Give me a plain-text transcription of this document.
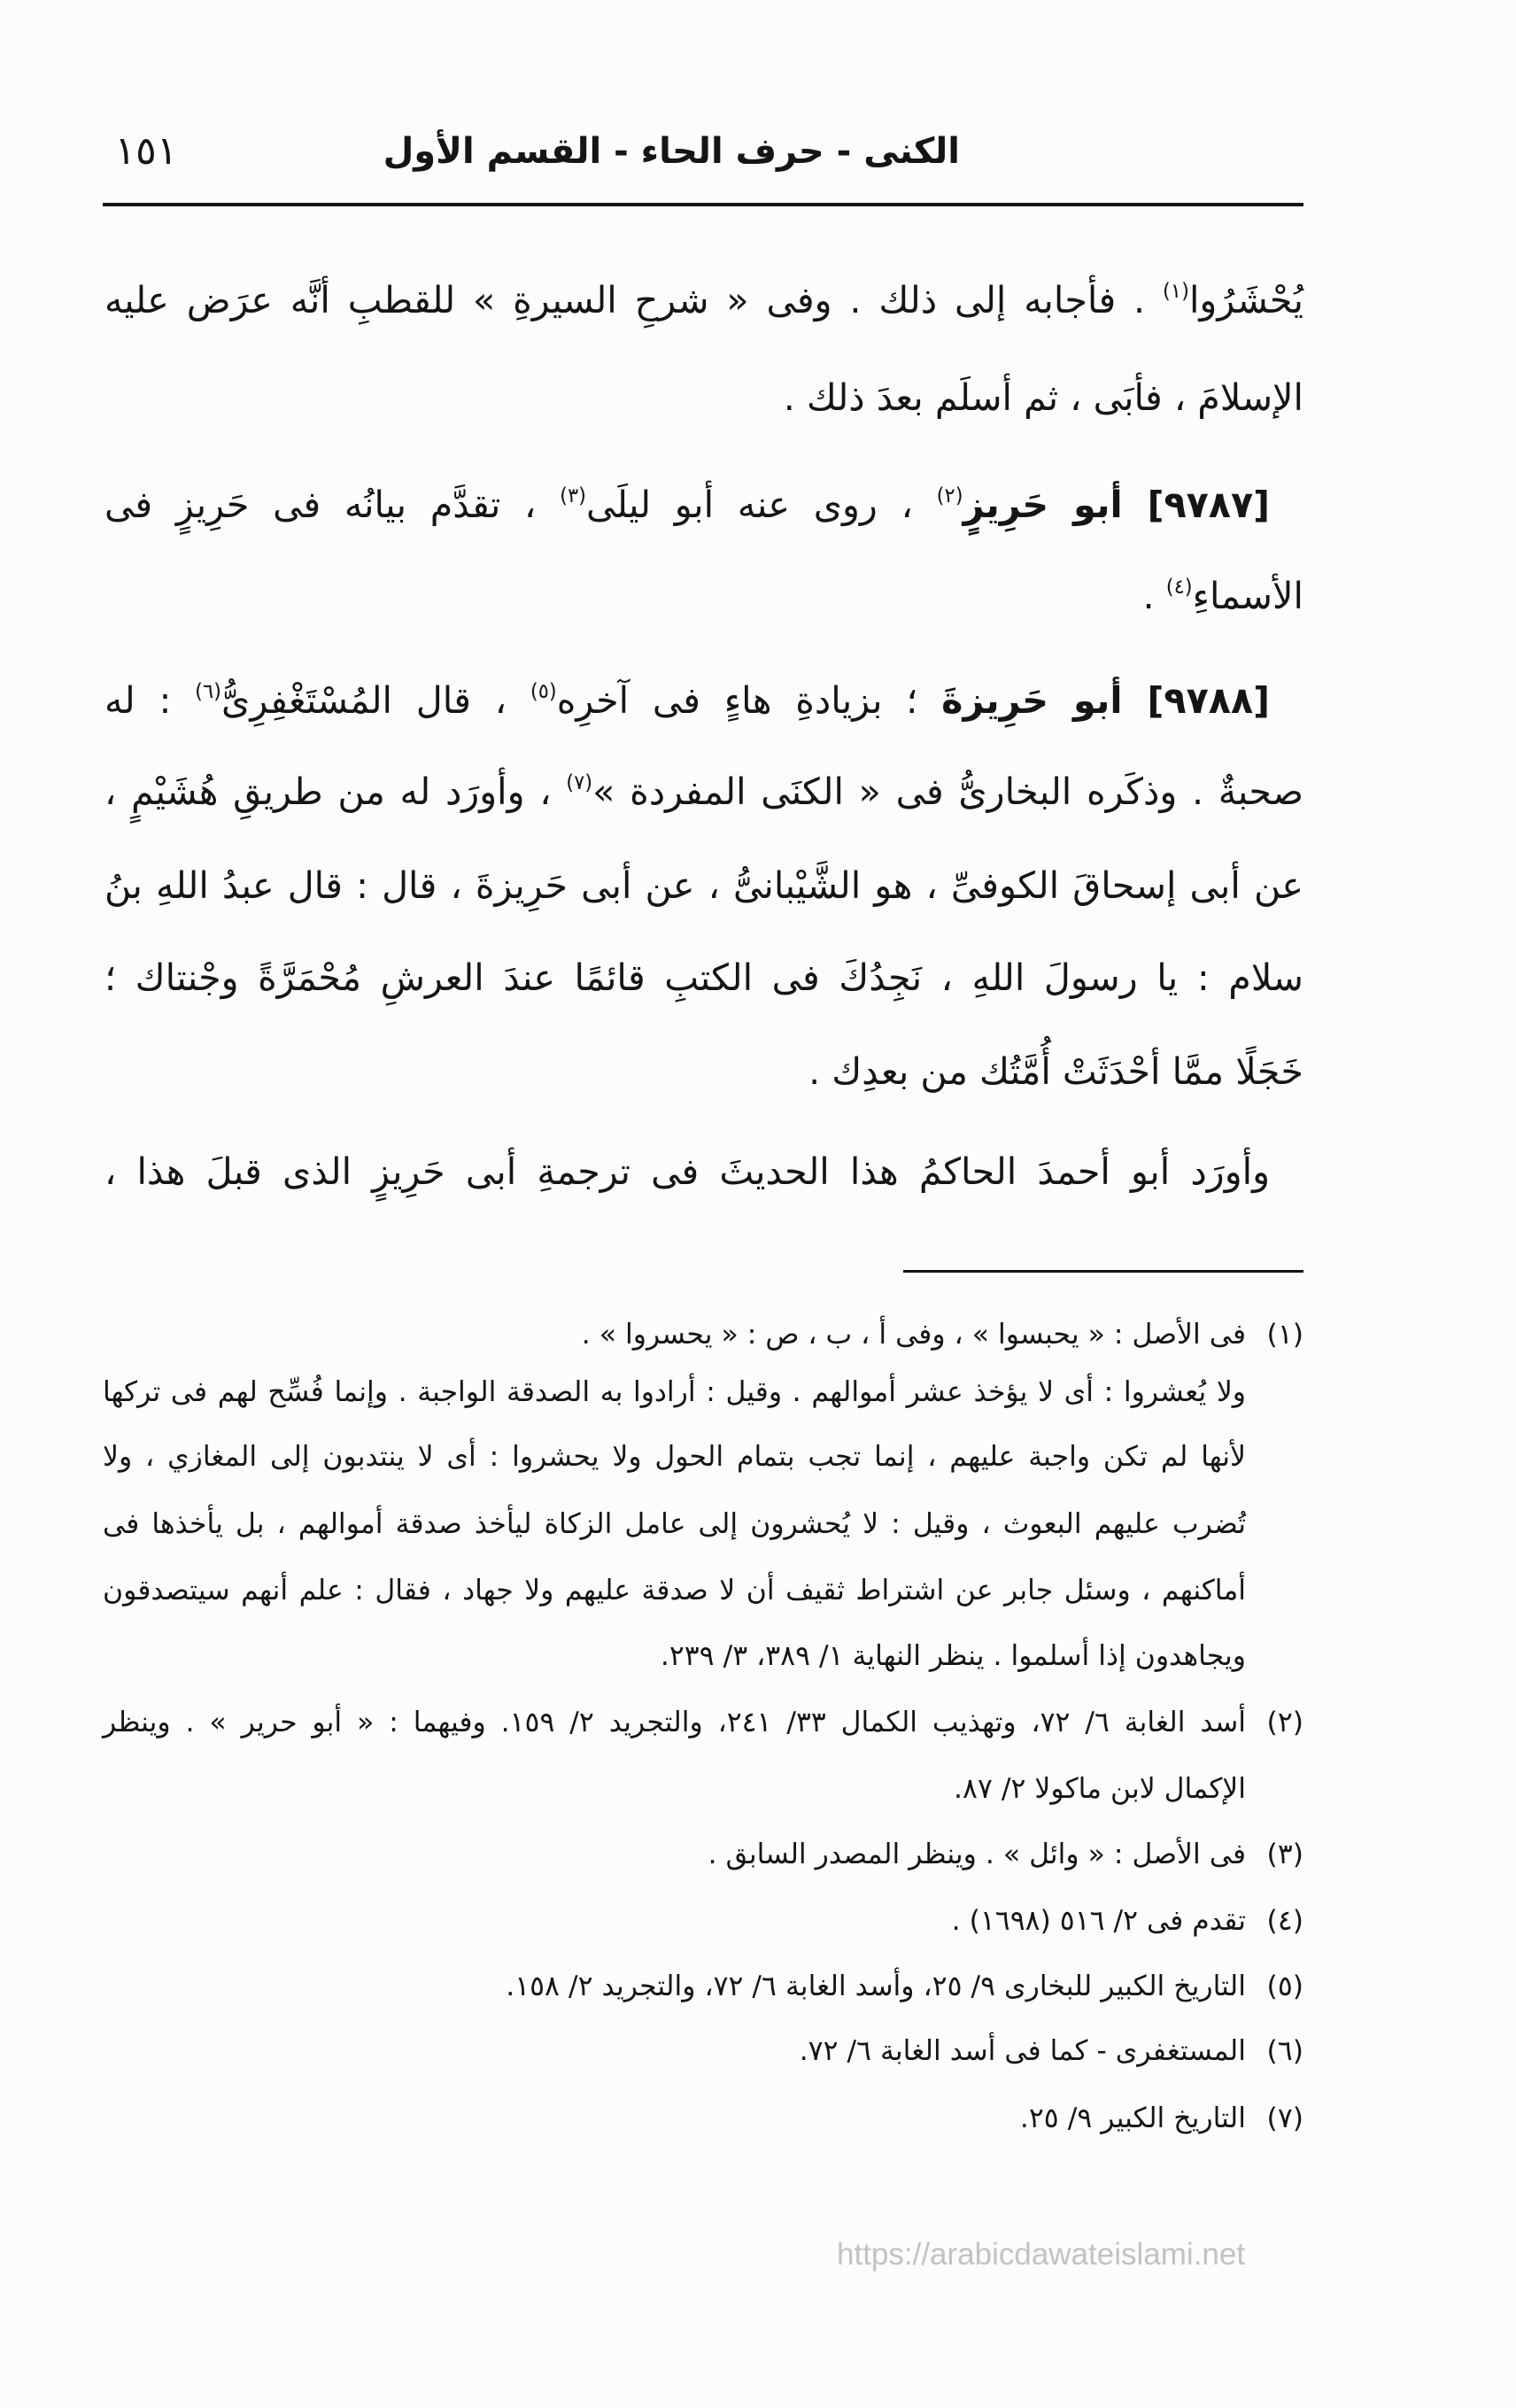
الكنى - حرف الحاء - القسم الأول
١٥١
يُحْشَرُوا$^{(١)}$ . فأجابه إلى ذلك . وفى « شرحِ السيرةِ » للقطبِ أنَّه عرَض عليه
الإسلامَ ، فأبَى ، ثم أسلَم بعدَ ذلك .
[٩٧٨٧] أبو حَرِيزٍ$^{(٢)}$ ، روى عنه أبو ليلَى$^{(٣)}$ ، تقدَّم بيانُه فى حَرِيزٍ فى
الأسماءِ$^{(٤)}$ .
[٩٧٨٨] أبو حَرِيزةَ ؛ بزيادةِ هاءٍ فى آخرِه$^{(٥)}$ ، قال المُسْتَغْفِرِىُّ$^{(٦)}$ : له
صحبةٌ . وذكَره البخارىُّ فى « الكنَى المفردة »$^{(٧)}$ ، وأورَد له من طريقِ هُشَيْمٍ ،
عن أبى إسحاقَ الكوفىِّ ، هو الشَّيْبانىُّ ، عن أبى حَرِيزةَ ، قال : قال عبدُ اللهِ بنُ
سلام : يا رسولَ اللهِ ، نَجِدُكَ فى الكتبِ قائمًا عندَ العرشِ مُحْمَرَّةً وجْنتاك ؛
خَجَلًا ممَّا أحْدَثَتْ أُمَّتُك من بعدِك .
وأورَد أبو أحمدَ الحاكمُ هذا الحديثَ فى ترجمةِ أبى حَرِيزٍ الذى قبلَ هذا ،
(١)
فى الأصل : « يحبسوا » ، وفى أ ، ب ، ص : « يحسروا » .
ولا يُعشروا : أى لا يؤخذ عشر أموالهم . وقيل : أرادوا به الصدقة الواجبة . وإنما فُسِّح لهم فى تركها
لأنها لم تكن واجبة عليهم ، إنما تجب بتمام الحول ولا يحشروا : أى لا ينتدبون إلى المغازي ، ولا
تُضرب عليهم البعوث ، وقيل : لا يُحشرون إلى عامل الزكاة ليأخذ صدقة أموالهم ، بل يأخذها فى
أماكنهم ، وسئل جابر عن اشتراط ثقيف أن لا صدقة عليهم ولا جهاد ، فقال : علم أنهم سيتصدقون
ويجاهدون إذا أسلموا . ينظر النهاية ١/ ٣٨٩، ٣/ ٢٣٩.
(٢)
أسد الغابة ٦/ ٧٢، وتهذيب الكمال ٣٣/ ٢٤١، والتجريد ٢/ ١٥٩. وفيهما : « أبو حرير » . وينظر
الإكمال لابن ماكولا ٢/ ٨٧.
(٣)
فى الأصل : « وائل » . وينظر المصدر السابق .
(٤)
تقدم فى ٢/ ٥١٦ (١٦٩٨) .
(٥)
التاريخ الكبير للبخارى ٩/ ٢٥، وأسد الغابة ٦/ ٧٢، والتجريد ٢/ ١٥٨.
(٦)
المستغفرى - كما فى أسد الغابة ٦/ ٧٢.
(٧)
التاريخ الكبير ٩/ ٢٥.
https://arabicdawateislami.net
